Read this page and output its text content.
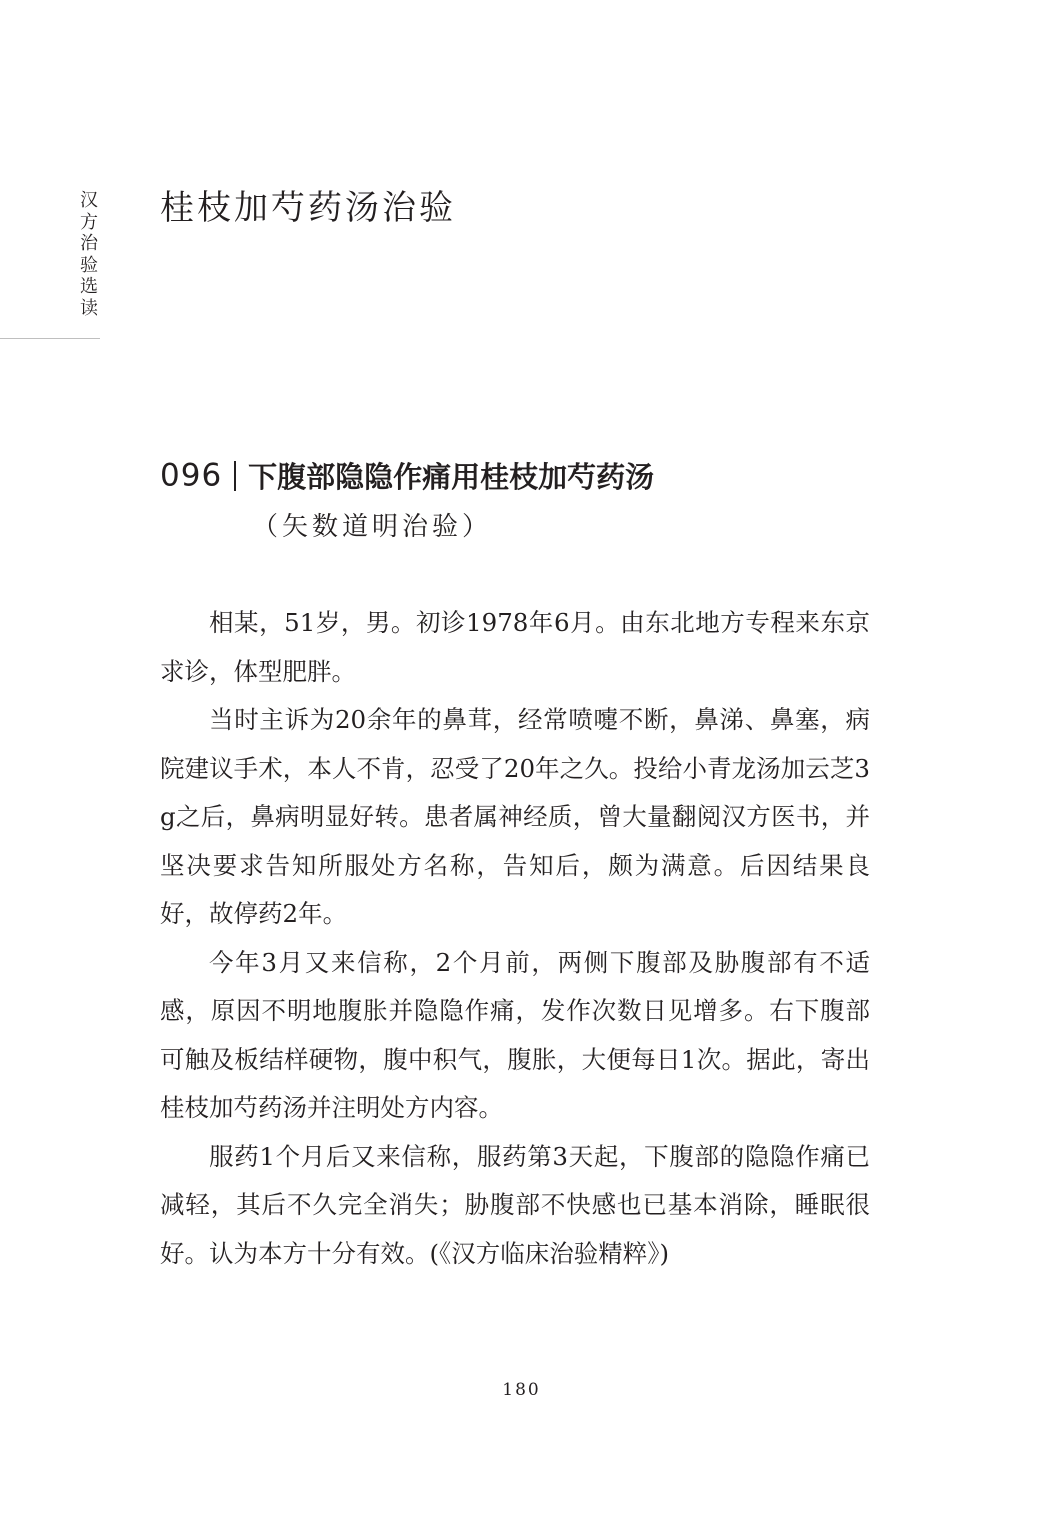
汉方治验选读
桂枝加芍药汤治验
096 下腹部隐隐作痛用桂枝加芍药汤
（矢数道明治验）

相某，51岁，男。初诊1978年6月。由东北地方专程来东京求诊，体型肥胖。

当时主诉为20余年的鼻茸，经常喷嚏不断，鼻涕、鼻塞，病院建议手术，本人不肯，忍受了20年之久。投给小青龙汤加云芝3g之后，鼻病明显好转。患者属神经质，曾大量翻阅汉方医书，并坚决要求告知所服处方名称，告知后，颇为满意。后因结果良好，故停药2年。

今年3月又来信称，2个月前，两侧下腹部及胁腹部有不适感，原因不明地腹胀并隐隐作痛，发作次数日见增多。右下腹部可触及板结样硬物，腹中积气，腹胀，大便每日1次。据此，寄出桂枝加芍药汤并注明处方内容。

服药1个月后又来信称，服药第3天起，下腹部的隐隐作痛已减轻，其后不久完全消失；胁腹部不快感也已基本消除，睡眠很好。认为本方十分有效。(《汉方临床治验精粹》)

180
